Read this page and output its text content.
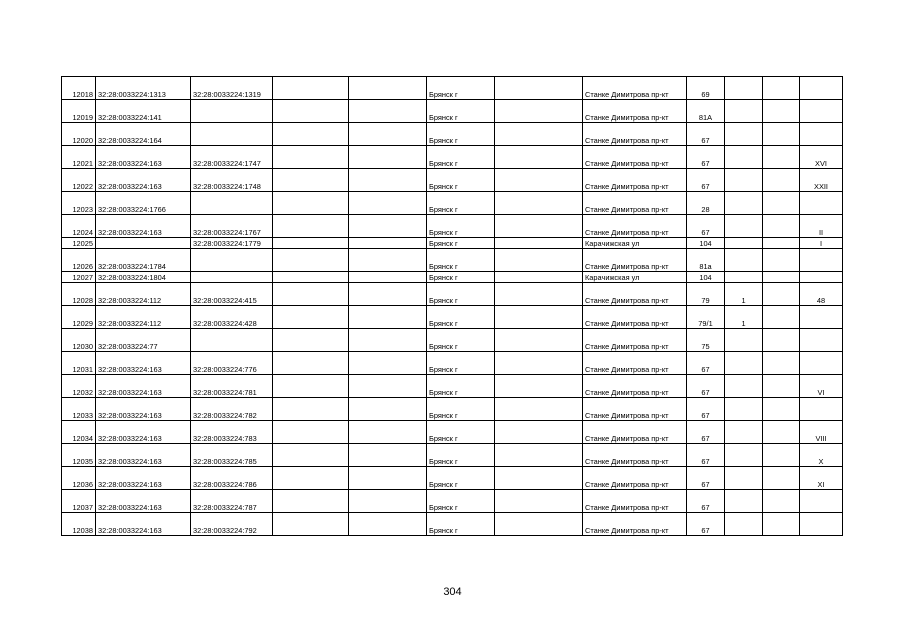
12018	32:28:0033224:1313	32:28:0033224:1319			Брянск г		Станке Димитрова пр-кт	69			
12019	32:28:0033224:141				Брянск г		Станке Димитрова пр-кт	81А			
12020	32:28:0033224:164				Брянск г		Станке Димитрова пр-кт	67			
12021	32:28:0033224:163	32:28:0033224:1747			Брянск г		Станке Димитрова пр-кт	67			XVI
12022	32:28:0033224:163	32:28:0033224:1748			Брянск г		Станке Димитрова пр-кт	67			XXII
12023	32:28:0033224:1766				Брянск г		Станке Димитрова пр-кт	28			
12024	32:28:0033224:163	32:28:0033224:1767			Брянск г		Станке Димитрова пр-кт	67			II
12025		32:28:0033224:1779			Брянск г		Карачижская ул	104			I
12026	32:28:0033224:1784				Брянск г		Станке Димитрова пр-кт	81а			
12027	32:28:0033224:1804				Брянск г		Карачижская ул	104			
12028	32:28:0033224:112	32:28:0033224:415			Брянск г		Станке Димитрова пр-кт	79	1		48
12029	32:28:0033224:112	32:28:0033224:428			Брянск г		Станке Димитрова пр-кт	79/1	1		
12030	32:28:0033224:77				Брянск г		Станке Димитрова пр-кт	75			
12031	32:28:0033224:163	32:28:0033224:776			Брянск г		Станке Димитрова пр-кт	67			
12032	32:28:0033224:163	32:28:0033224:781			Брянск г		Станке Димитрова пр-кт	67			VI
12033	32:28:0033224:163	32:28:0033224:782			Брянск г		Станке Димитрова пр-кт	67			
12034	32:28:0033224:163	32:28:0033224:783			Брянск г		Станке Димитрова пр-кт	67			VIII
12035	32:28:0033224:163	32:28:0033224:785			Брянск г		Станке Димитрова пр-кт	67			X
12036	32:28:0033224:163	32:28:0033224:786			Брянск г		Станке Димитрова пр-кт	67			XI
12037	32:28:0033224:163	32:28:0033224:787			Брянск г		Станке Димитрова пр-кт	67			
12038	32:28:0033224:163	32:28:0033224:792			Брянск г		Станке Димитрова пр-кт	67			
304
